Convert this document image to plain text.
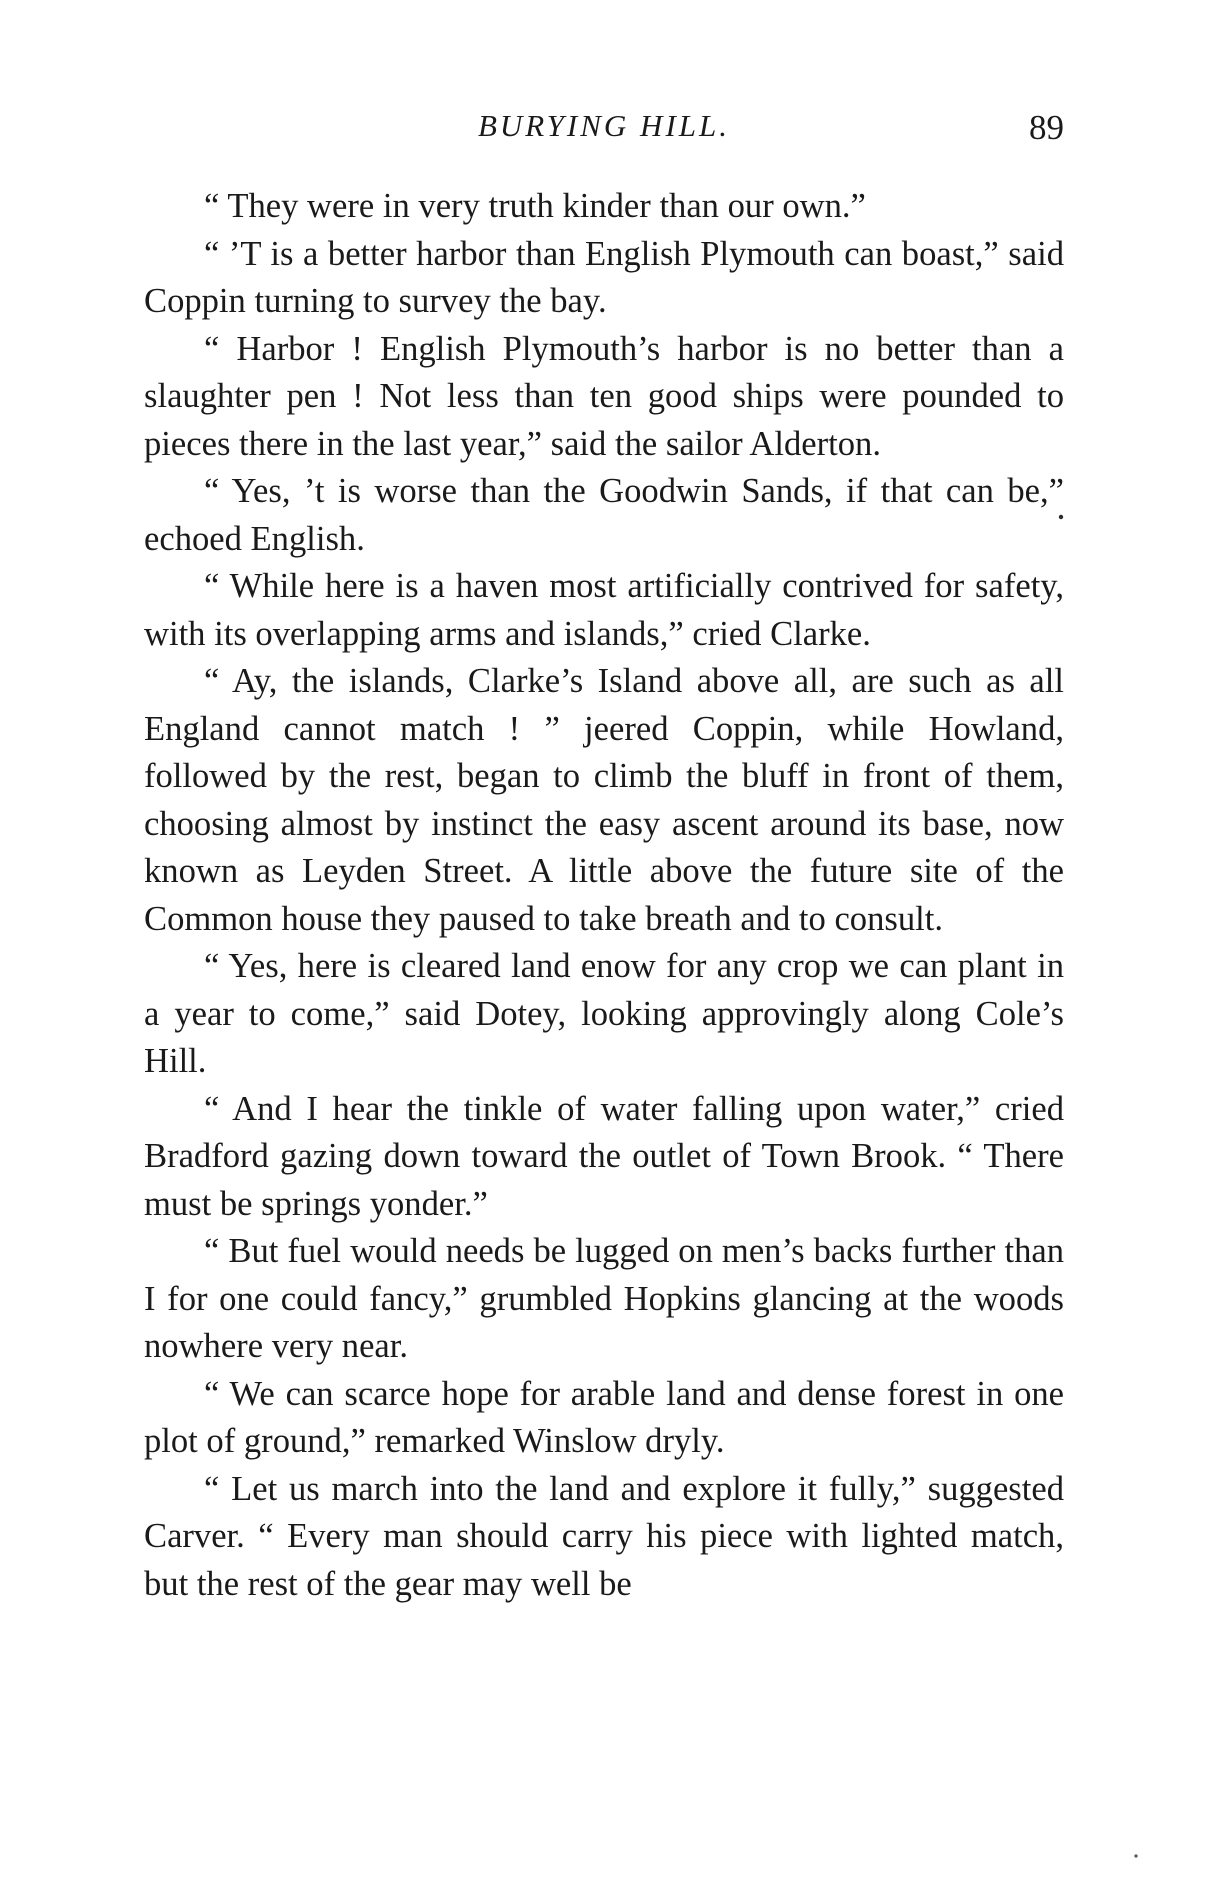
BURYING HILL.	89

“ They were in very truth kinder than our own.”

“ ’T is a better harbor than English Plymouth can boast,” said Coppin turning to survey the bay.

“ Harbor ! English Plymouth’s harbor is no better than a slaughter pen ! Not less than ten good ships were pounded to pieces there in the last year,” said the sailor Alderton.

“ Yes, ’t is worse than the Goodwin Sands, if that can be,” echoed English.

“ While here is a haven most artificially contrived for safety, with its overlapping arms and islands,” cried Clarke.

“ Ay, the islands, Clarke’s Island above all, are such as all England cannot match ! ” jeered Coppin, while Howland, followed by the rest, began to climb the bluff in front of them, choosing almost by instinct the easy ascent around its base, now known as Leyden Street. A little above the future site of the Common house they paused to take breath and to consult.

“ Yes, here is cleared land enow for any crop we can plant in a year to come,” said Dotey, looking approvingly along Cole’s Hill.

“ And I hear the tinkle of water falling upon water,” cried Bradford gazing down toward the outlet of Town Brook. “ There must be springs yonder.”

“ But fuel would needs be lugged on men’s backs further than I for one could fancy,” grumbled Hopkins glancing at the woods nowhere very near.

“ We can scarce hope for arable land and dense forest in one plot of ground,” remarked Winslow dryly.

“ Let us march into the land and explore it fully,” suggested Carver. “ Every man should carry his piece with lighted match, but the rest of the gear may well be
